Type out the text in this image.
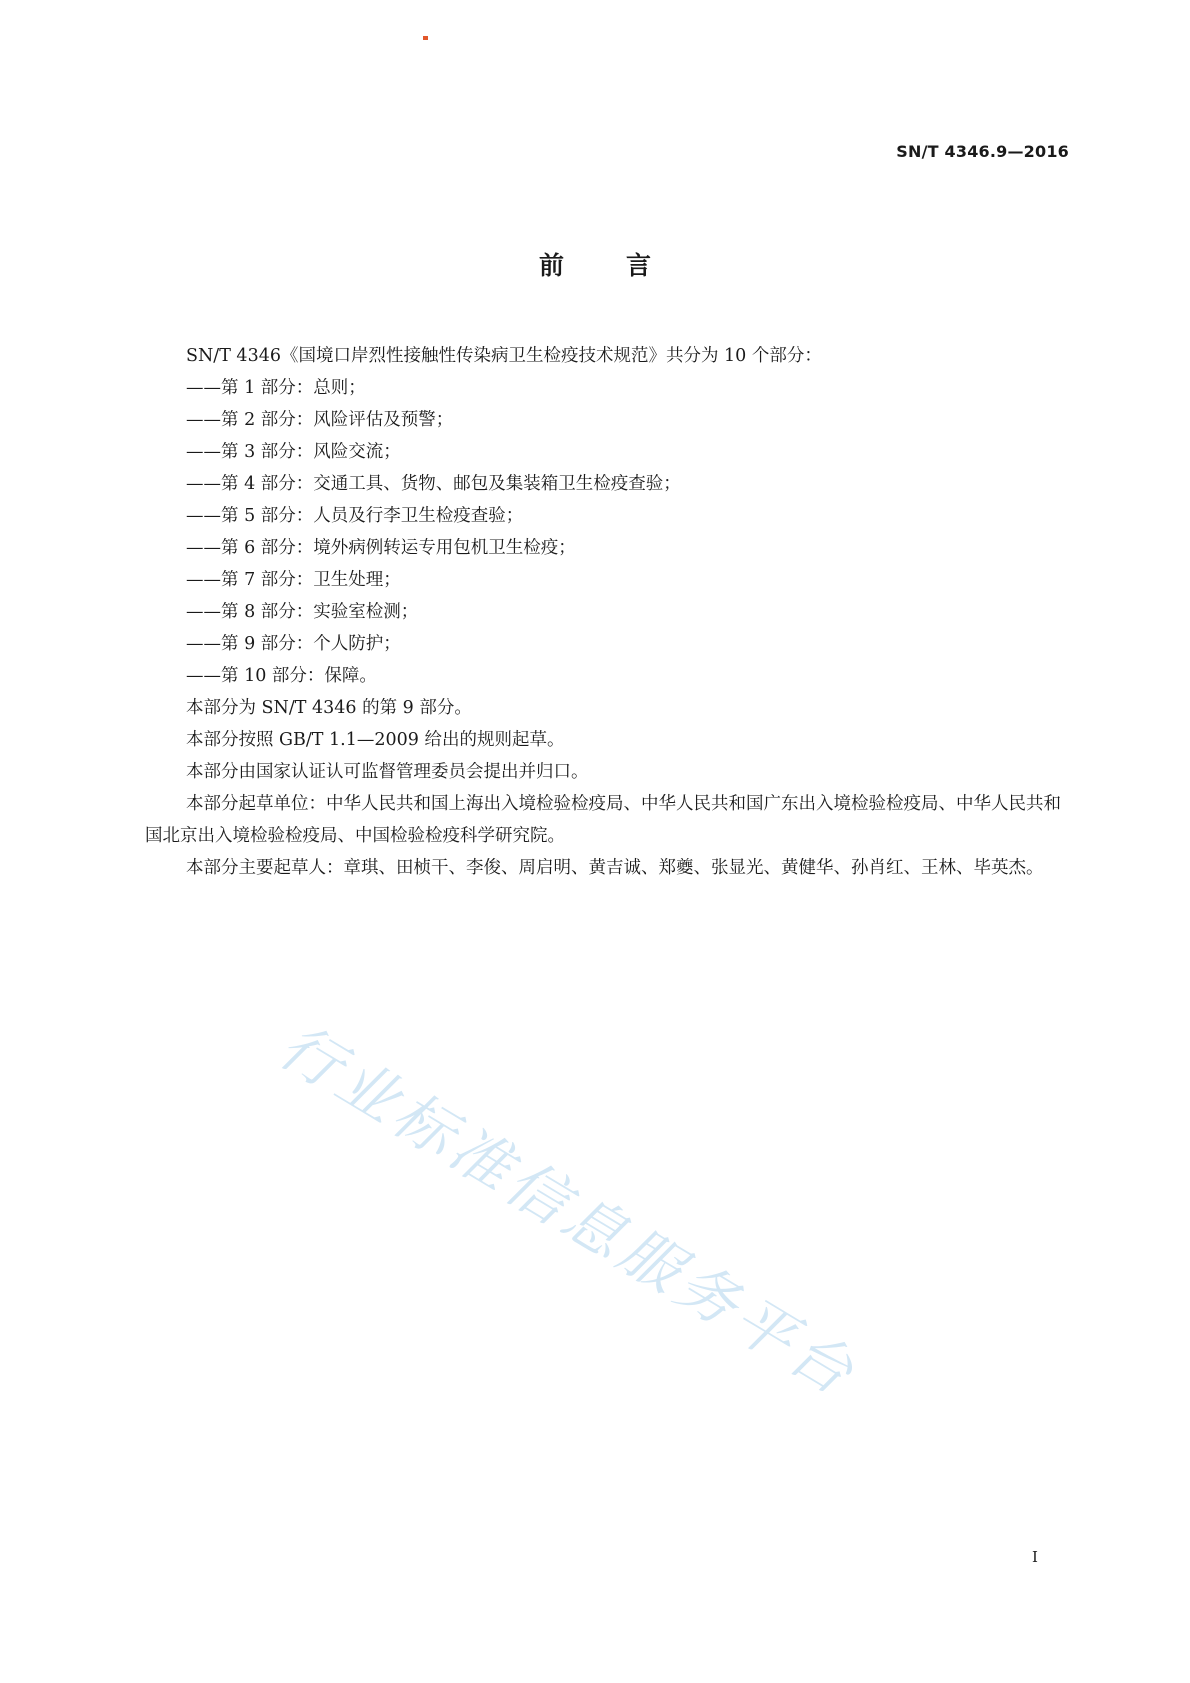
SN/T 4346.9—2016
前言

SN/T 4346《国境口岸烈性接触性传染病卫生检疫技术规范》共分为 10 个部分：

——第 1 部分：总则；

——第 2 部分：风险评估及预警；

——第 3 部分：风险交流；

——第 4 部分：交通工具、货物、邮包及集装箱卫生检疫查验；

——第 5 部分：人员及行李卫生检疫查验；

——第 6 部分：境外病例转运专用包机卫生检疫；

——第 7 部分：卫生处理；

——第 8 部分：实验室检测；

——第 9 部分：个人防护；

——第 10 部分：保障。

本部分为 SN/T 4346 的第 9 部分。

本部分按照 GB/T 1.1—2009 给出的规则起草。

本部分由国家认证认可监督管理委员会提出并归口。

本部分起草单位：中华人民共和国上海出入境检验检疫局、中华人民共和国广东出入境检验检疫局、中华人民共和国北京出入境检验检疫局、中国检验检疫科学研究院。

本部分主要起草人：章琪、田桢干、李俊、周启明、黄吉诚、郑夔、张显光、黄健华、孙肖红、王林、毕英杰。

行业标准信息服务平台
I
